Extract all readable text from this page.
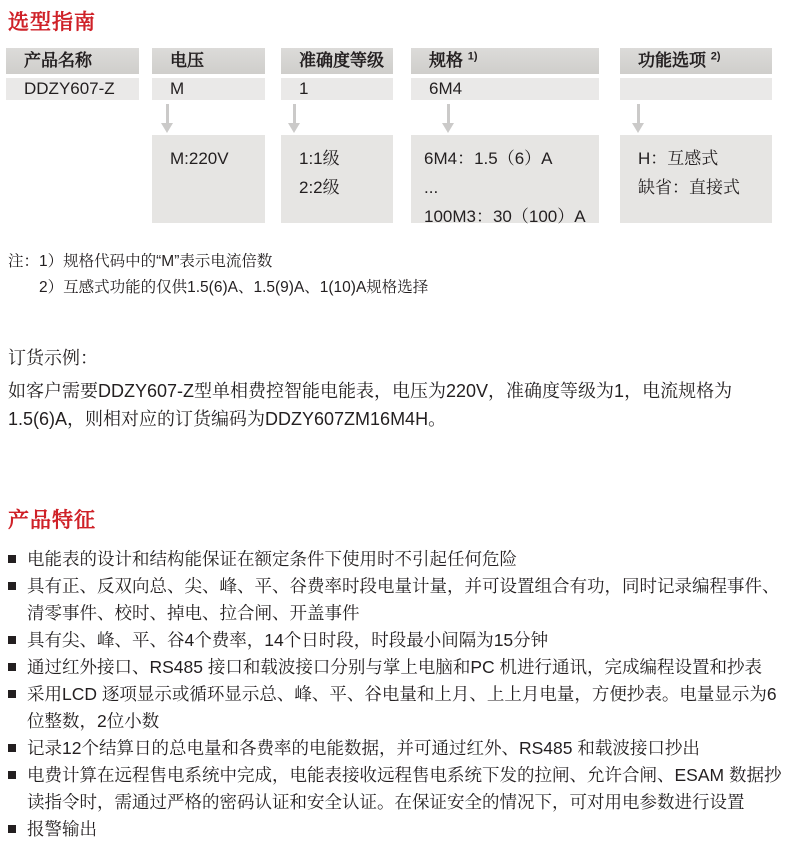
选型指南
产品名称
DDZY607-Z
电压
M
M:220V
准确度等级
1
1:1级
2:2级
规格 $^{1)}$
6M4
6M4：1.5（6）A
...
100M3：30（100）A
功能选项 $^{2)}$
H：互感式
缺省：直接式
注：1）规格代码中的“M”表示电流倍数
2）互感式功能的仅供1.5(6)A、1.5(9)A、1(10)A规格选择
订货示例：
如客户需要DDZY607-Z型单相费控智能电能表，电压为220V，准确度等级为1，电流规格为1.5(6)A，则相对应的订货编码为DDZY607ZM16M4H。
产品特征
电能表的设计和结构能保证在额定条件下使用时不引起任何危险
具有正、反双向总、尖、峰、平、谷费率时段电量计量，并可设置组合有功，同时记录编程事件、清零事件、校时、掉电、拉合闸、开盖事件
具有尖、峰、平、谷4个费率，14个日时段，时段最小间隔为15分钟
通过红外接口、RS485 接口和载波接口分别与掌上电脑和PC 机进行通讯，完成编程设置和抄表
采用LCD 逐项显示或循环显示总、峰、平、谷电量和上月、上上月电量，方便抄表。电量显示为6位整数，2位小数
记录12个结算日的总电量和各费率的电能数据，并可通过红外、RS485 和载波接口抄出
电费计算在远程售电系统中完成，电能表接收远程售电系统下发的拉闸、允许合闸、ESAM 数据抄读指令时，需通过严格的密码认证和安全认证。在保证安全的情况下，可对用电参数进行设置
报警输出
